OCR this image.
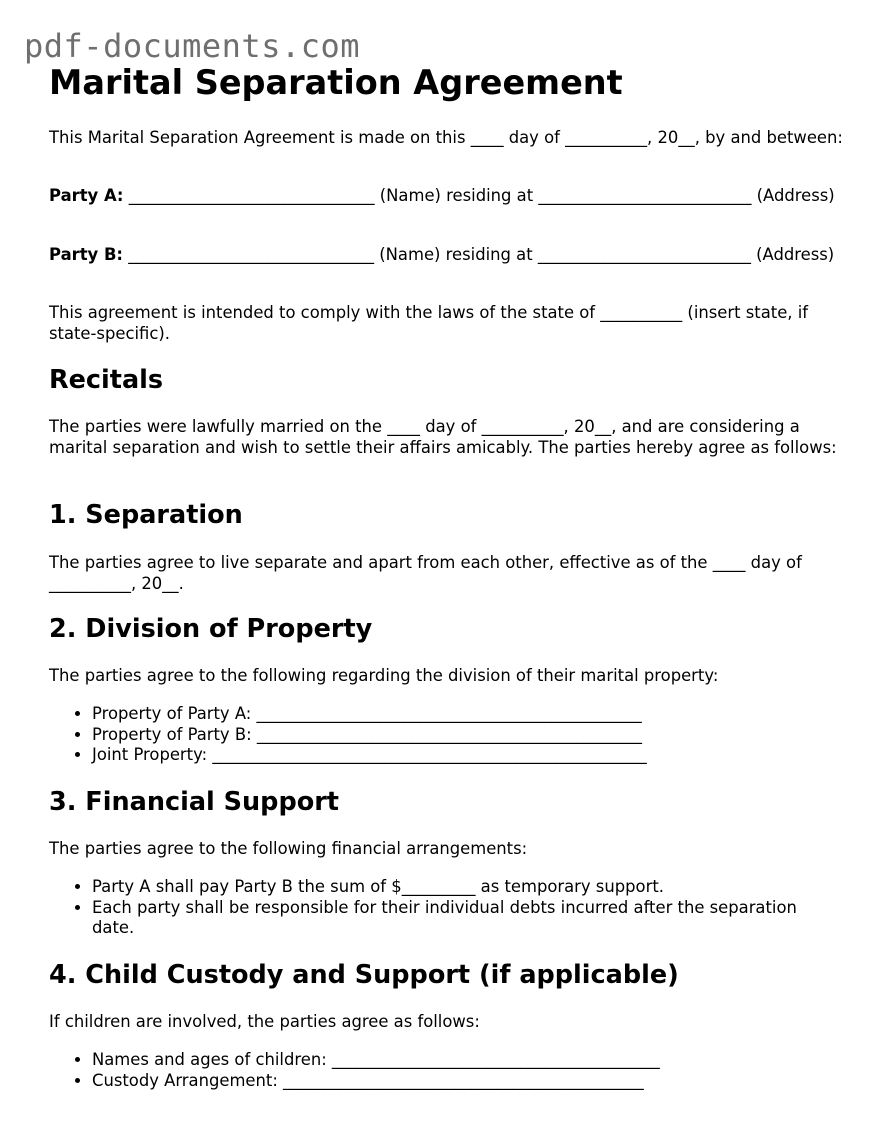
pdf-documents.com
Marital Separation Agreement

This Marital Separation Agreement is made on this ____ day of __________, 20__, by and between:

Party A: ______________________________ (Name) residing at __________________________ (Address)

Party B: ______________________________ (Name) residing at __________________________ (Address)

This agreement is intended to comply with the laws of the state of __________ (insert state, if state-specific).

Recitals

The parties were lawfully married on the ____ day of __________, 20__, and are considering a marital separation and wish to settle their affairs amicably. The parties hereby agree as follows:

1. Separation

The parties agree to live separate and apart from each other, effective as of the ____ day of __________, 20__.

2. Division of Property

The parties agree to the following regarding the division of their marital property:

• Property of Party A: _______________________________________________
• Property of Party B: _______________________________________________
• Joint Property: _____________________________________________________
3. Financial Support

The parties agree to the following financial arrangements:

• Party A shall pay Party B the sum of $_________ as temporary support.
• Each party shall be responsible for their individual debts incurred after the separation date.
4. Child Custody and Support (if applicable)

If children are involved, the parties agree as follows:

• Names and ages of children: ________________________________________
• Custody Arrangement: ____________________________________________
